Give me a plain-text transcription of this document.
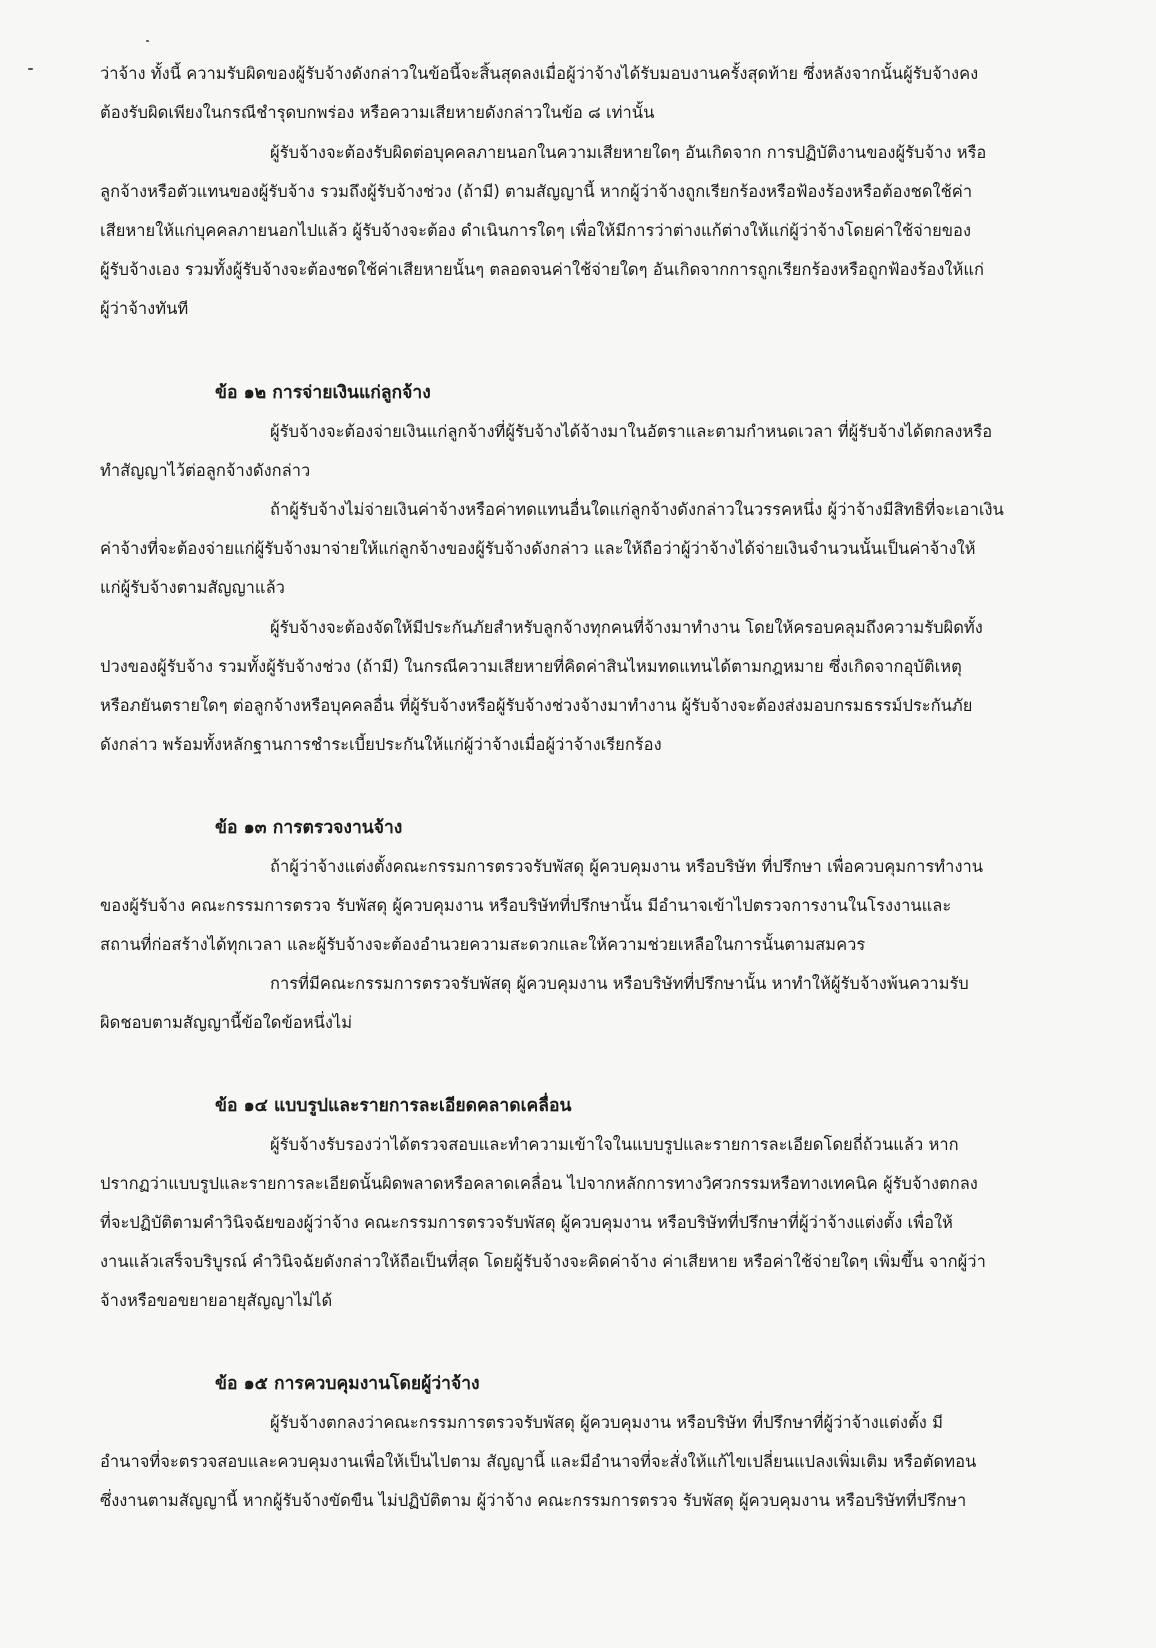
ว่าจ้าง ทั้งนี้ ความรับผิดของผู้รับจ้างดังกล่าวในข้อนี้จะสิ้นสุดลงเมื่อผู้ว่าจ้างได้รับมอบงานครั้งสุดท้าย ซึ่งหลังจากนั้นผู้รับจ้างคง
ต้องรับผิดเพียงในกรณีชำรุดบกพร่อง หรือความเสียหายดังกล่าวในข้อ ๘ เท่านั้น
ผู้รับจ้างจะต้องรับผิดต่อบุคคลภายนอกในความเสียหายใดๆ อันเกิดจาก การปฏิบัติงานของผู้รับจ้าง หรือ
ลูกจ้างหรือตัวแทนของผู้รับจ้าง รวมถึงผู้รับจ้างช่วง (ถ้ามี) ตามสัญญานี้ หากผู้ว่าจ้างถูกเรียกร้องหรือฟ้องร้องหรือต้องชดใช้ค่า
เสียหายให้แก่บุคคลภายนอกไปแล้ว ผู้รับจ้างจะต้อง ดำเนินการใดๆ เพื่อให้มีการว่าต่างแก้ต่างให้แก่ผู้ว่าจ้างโดยค่าใช้จ่ายของ
ผู้รับจ้างเอง รวมทั้งผู้รับจ้างจะต้องชดใช้ค่าเสียหายนั้นๆ ตลอดจนค่าใช้จ่ายใดๆ อันเกิดจากการถูกเรียกร้องหรือถูกฟ้องร้องให้แก่
ผู้ว่าจ้างทันที
ข้อ ๑๒ การจ่ายเงินแก่ลูกจ้าง
ผู้รับจ้างจะต้องจ่ายเงินแก่ลูกจ้างที่ผู้รับจ้างได้จ้างมาในอัตราและตามกำหนดเวลา ที่ผู้รับจ้างได้ตกลงหรือ
ทำสัญญาไว้ต่อลูกจ้างดังกล่าว
ถ้าผู้รับจ้างไม่จ่ายเงินค่าจ้างหรือค่าทดแทนอื่นใดแก่ลูกจ้างดังกล่าวในวรรคหนึ่ง ผู้ว่าจ้างมีสิทธิที่จะเอาเงิน
ค่าจ้างที่จะต้องจ่ายแก่ผู้รับจ้างมาจ่ายให้แก่ลูกจ้างของผู้รับจ้างดังกล่าว และให้ถือว่าผู้ว่าจ้างได้จ่ายเงินจำนวนนั้นเป็นค่าจ้างให้
แก่ผู้รับจ้างตามสัญญาแล้ว
ผู้รับจ้างจะต้องจัดให้มีประกันภัยสำหรับลูกจ้างทุกคนที่จ้างมาทำงาน โดยให้ครอบคลุมถึงความรับผิดทั้ง
ปวงของผู้รับจ้าง รวมทั้งผู้รับจ้างช่วง (ถ้ามี) ในกรณีความเสียหายที่คิดค่าสินไหมทดแทนได้ตามกฎหมาย ซึ่งเกิดจากอุบัติเหตุ
หรือภยันตรายใดๆ ต่อลูกจ้างหรือบุคคลอื่น ที่ผู้รับจ้างหรือผู้รับจ้างช่วงจ้างมาทำงาน ผู้รับจ้างจะต้องส่งมอบกรมธรรม์ประกันภัย
ดังกล่าว พร้อมทั้งหลักฐานการชำระเบี้ยประกันให้แก่ผู้ว่าจ้างเมื่อผู้ว่าจ้างเรียกร้อง
ข้อ ๑๓ การตรวจงานจ้าง
ถ้าผู้ว่าจ้างแต่งตั้งคณะกรรมการตรวจรับพัสดุ ผู้ควบคุมงาน หรือบริษัท ที่ปรึกษา เพื่อควบคุมการทำงาน
ของผู้รับจ้าง คณะกรรมการตรวจ รับพัสดุ ผู้ควบคุมงาน หรือบริษัทที่ปรึกษานั้น มีอำนาจเข้าไปตรวจการงานในโรงงานและ
สถานที่ก่อสร้างได้ทุกเวลา และผู้รับจ้างจะต้องอำนวยความสะดวกและให้ความช่วยเหลือในการนั้นตามสมควร
การที่มีคณะกรรมการตรวจรับพัสดุ ผู้ควบคุมงาน หรือบริษัทที่ปรึกษานั้น หาทำให้ผู้รับจ้างพ้นความรับ
ผิดชอบตามสัญญานี้ข้อใดข้อหนึ่งไม่
ข้อ ๑๔ แบบรูปและรายการละเอียดคลาดเคลื่อน
ผู้รับจ้างรับรองว่าได้ตรวจสอบและทำความเข้าใจในแบบรูปและรายการละเอียดโดยถี่ถ้วนแล้ว หาก
ปรากฏว่าแบบรูปและรายการละเอียดนั้นผิดพลาดหรือคลาดเคลื่อน ไปจากหลักการทางวิศวกรรมหรือทางเทคนิค ผู้รับจ้างตกลง
ที่จะปฏิบัติตามคำวินิจฉัยของผู้ว่าจ้าง คณะกรรมการตรวจรับพัสดุ ผู้ควบคุมงาน หรือบริษัทที่ปรึกษาที่ผู้ว่าจ้างแต่งตั้ง เพื่อให้
งานแล้วเสร็จบริบูรณ์ คำวินิจฉัยดังกล่าวให้ถือเป็นที่สุด โดยผู้รับจ้างจะคิดค่าจ้าง ค่าเสียหาย หรือค่าใช้จ่ายใดๆ เพิ่มขึ้น จากผู้ว่า
จ้างหรือขอขยายอายุสัญญาไม่ได้
ข้อ ๑๕ การควบคุมงานโดยผู้ว่าจ้าง
ผู้รับจ้างตกลงว่าคณะกรรมการตรวจรับพัสดุ ผู้ควบคุมงาน หรือบริษัท ที่ปรึกษาที่ผู้ว่าจ้างแต่งตั้ง มี
อำนาจที่จะตรวจสอบและควบคุมงานเพื่อให้เป็นไปตาม สัญญานี้ และมีอำนาจที่จะสั่งให้แก้ไขเปลี่ยนแปลงเพิ่มเติม หรือตัดทอน
ซึ่งงานตามสัญญานี้ หากผู้รับจ้างขัดขืน ไม่ปฏิบัติตาม ผู้ว่าจ้าง คณะกรรมการตรวจ รับพัสดุ ผู้ควบคุมงาน หรือบริษัทที่ปรึกษา
